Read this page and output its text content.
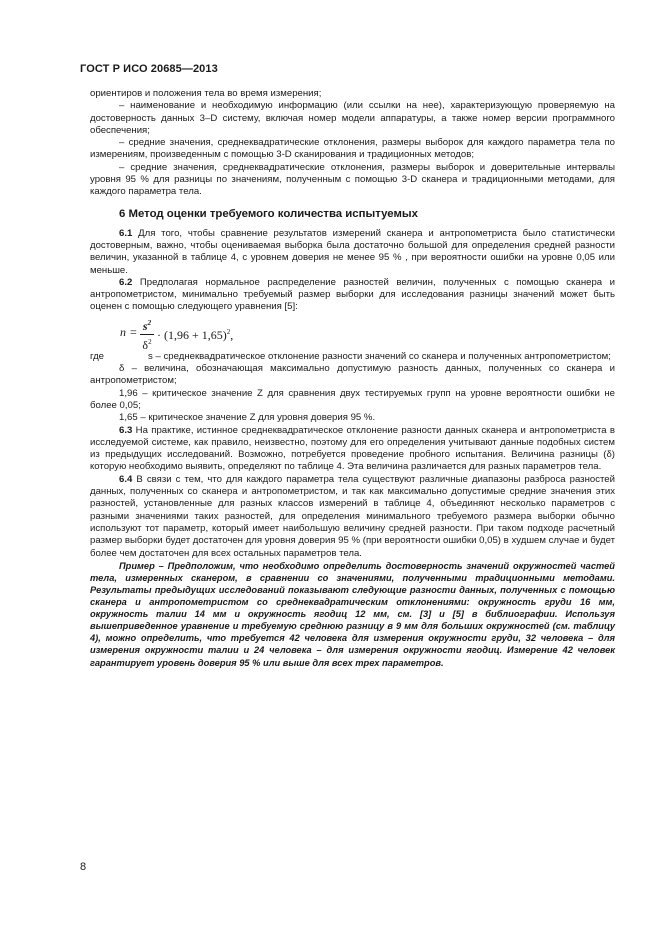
ГОСТ Р ИСО 20685—2013

ориентиров и положения тела во время измерения;

– наименование и необходимую информацию (или ссылки на нее), характеризующую проверяемую на достоверность данных 3–D систему, включая номер модели аппаратуры, а также номер версии программного обеспечения;

– средние значения, среднеквадратические отклонения, размеры выборок для каждого параметра тела по измерениям, произведенным с помощью 3-D сканирования и традиционных методов;

– средние значения, среднеквадратические отклонения, размеры выборок и доверительные интервалы уровня 95 % для разницы по значениям, полученным с помощью 3-D сканера и традиционными методами, для каждого параметра тела.

6 Метод оценки требуемого количества испытуемых

6.1 Для того, чтобы сравнение результатов измерений сканера и антропометриста было статистически достоверным, важно, чтобы оцениваемая выборка была достаточно большой для определения средней разности величин, указанной в таблице 4, с уровнем доверия не менее 95 % , при вероятности ошибки на уровне 0,05 или меньше.

6.2 Предполагая нормальное распределение разностей величин, полученных с помощью сканера и антропометристом, минимально требуемый размер выборки для исследования разницы значений может быть оценен с помощью следующего уравнения [5]:

$n = s^2$
$\delta^2 \cdot (1,96 + 1,65)^2$,
где	s – среднеквадратическое отклонение разности значений со сканера и полученных антропометристом;

δ – величина, обозначающая максимально допустимую разность данных, полученных со сканера и антропометристом;

1,96 – критическое значение Z для сравнения двух тестируемых групп на уровне вероятности ошибки не более 0,05;

1,65 – критическое значение Z для уровня доверия 95 %.

6.3 На практике, истинное среднеквадратическое отклонение разности данных сканера и антропометриста в исследуемой системе, как правило, неизвестно, поэтому для его определения учитывают данные подобных систем из предыдущих исследований. Возможно, потребуется проведение пробного испытания. Величина разницы (δ) которую необходимо выявить, определяют по таблице 4. Эта величина различается для разных параметров тела.

6.4 В связи с тем, что для каждого параметра тела существуют различные диапазоны разброса разностей данных, полученных со сканера и антропометристом, и так как максимально допустимые средние значения этих разностей, установленные для разных классов измерений в таблице 4, объединяют несколько параметров с разными значениями таких разностей, для определения минимального требуемого размера выборки обычно используют тот параметр, который имеет наибольшую величину средней разности. При таком подходе расчетный размер выборки будет достаточен для уровня доверия 95 % (при вероятности ошибки 0,05) в худшем случае и будет более чем достаточен для всех остальных параметров тела.

Пример – Предположим, что необходимо определить достоверность значений окружностей частей тела, измеренных сканером, в сравнении со значениями, полученными традиционными методами. Результаты предыдущих исследований показывают следующие разности данных, полученных с помощью сканера и антропометристом со среднеквадратическим отклонениями: окружность груди 16 мм, окружность талии 14 мм и окружность ягодиц 12 мм, см. [3] и [5] в библиографии. Используя вышеприведенное уравнение и требуемую среднюю разницу в 9 мм для больших окружностей (см. таблицу 4), можно определить, что требуется 42 человека для измерения окружности груди, 32 человека – для измерения окружности талии и 24 человека – для измерения окружности ягодиц. Измерение 42 человек гарантирует уровень доверия 95 % или выше для всех трех параметров.

8
